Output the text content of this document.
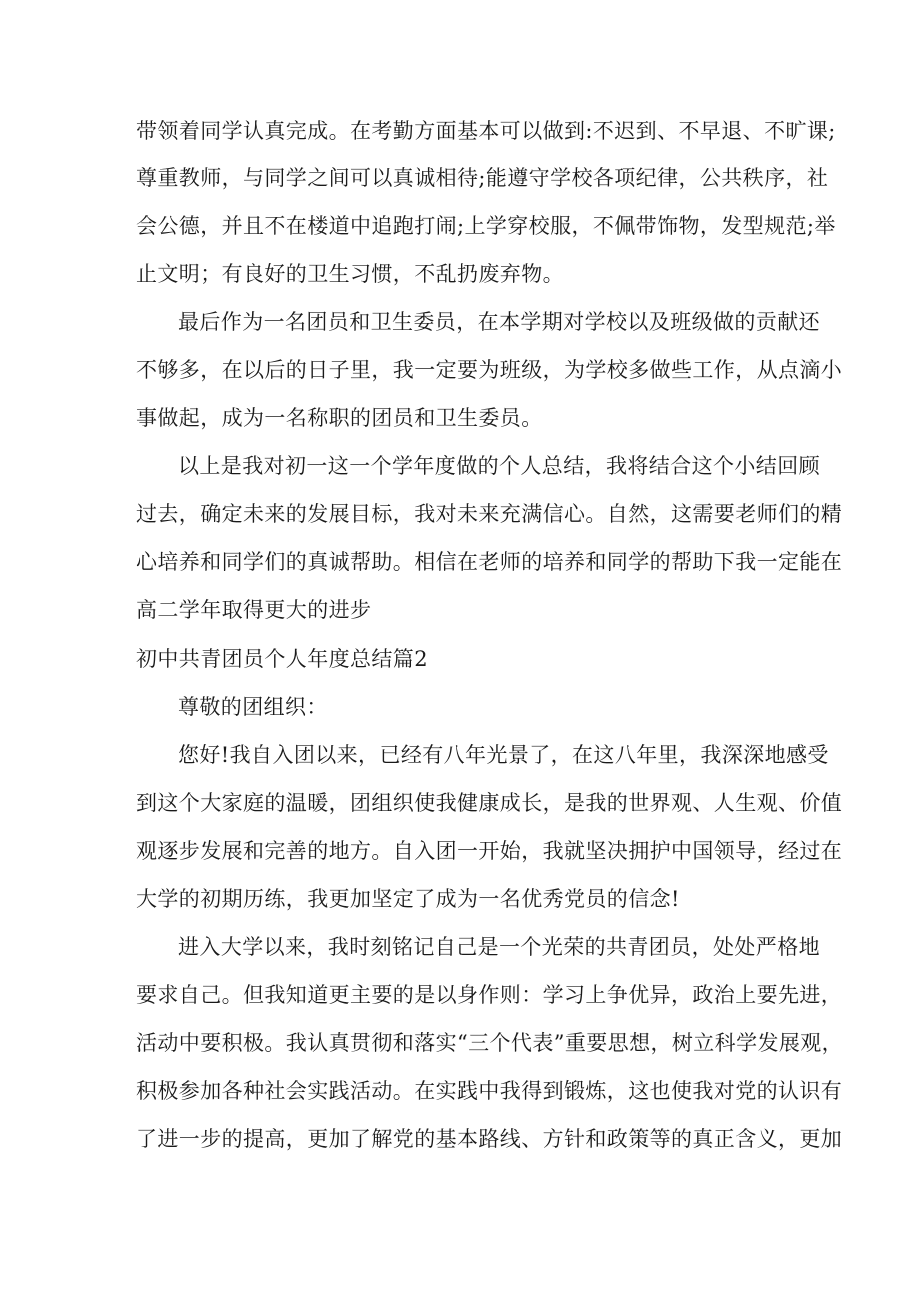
带领着同学认真完成。在考勤方面基本可以做到:不迟到、不早退、不旷课;
尊重教师，与同学之间可以真诚相待;能遵守学校各项纪律，公共秩序，社
会公德，并且不在楼道中追跑打闹;上学穿校服，不佩带饰物，发型规范;举
止文明；有良好的卫生习惯，不乱扔废弃物。
最后作为一名团员和卫生委员，在本学期对学校以及班级做的贡献还
不够多，在以后的日子里，我一定要为班级，为学校多做些工作，从点滴小
事做起，成为一名称职的团员和卫生委员。
以上是我对初一这一个学年度做的个人总结，我将结合这个小结回顾
过去，确定未来的发展目标，我对未来充满信心。自然，这需要老师们的精
心培养和同学们的真诚帮助。相信在老师的培养和同学的帮助下我一定能在
高二学年取得更大的进步
初中共青团员个人年度总结篇2
尊敬的团组织：
您好!我自入团以来，已经有八年光景了，在这八年里，我深深地感受
到这个大家庭的温暖，团组织使我健康成长，是我的世界观、人生观、价值
观逐步发展和完善的地方。自入团一开始，我就坚决拥护中国领导，经过在
大学的初期历练，我更加坚定了成为一名优秀党员的信念!
进入大学以来，我时刻铭记自己是一个光荣的共青团员，处处严格地
要求自己。但我知道更主要的是以身作则：学习上争优异，政治上要先进，
活动中要积极。我认真贯彻和落实“三个代表”重要思想，树立科学发展观，
积极参加各种社会实践活动。在实践中我得到锻炼，这也使我对党的认识有
了进一步的提高，更加了解党的基本路线、方针和政策等的真正含义，更加
